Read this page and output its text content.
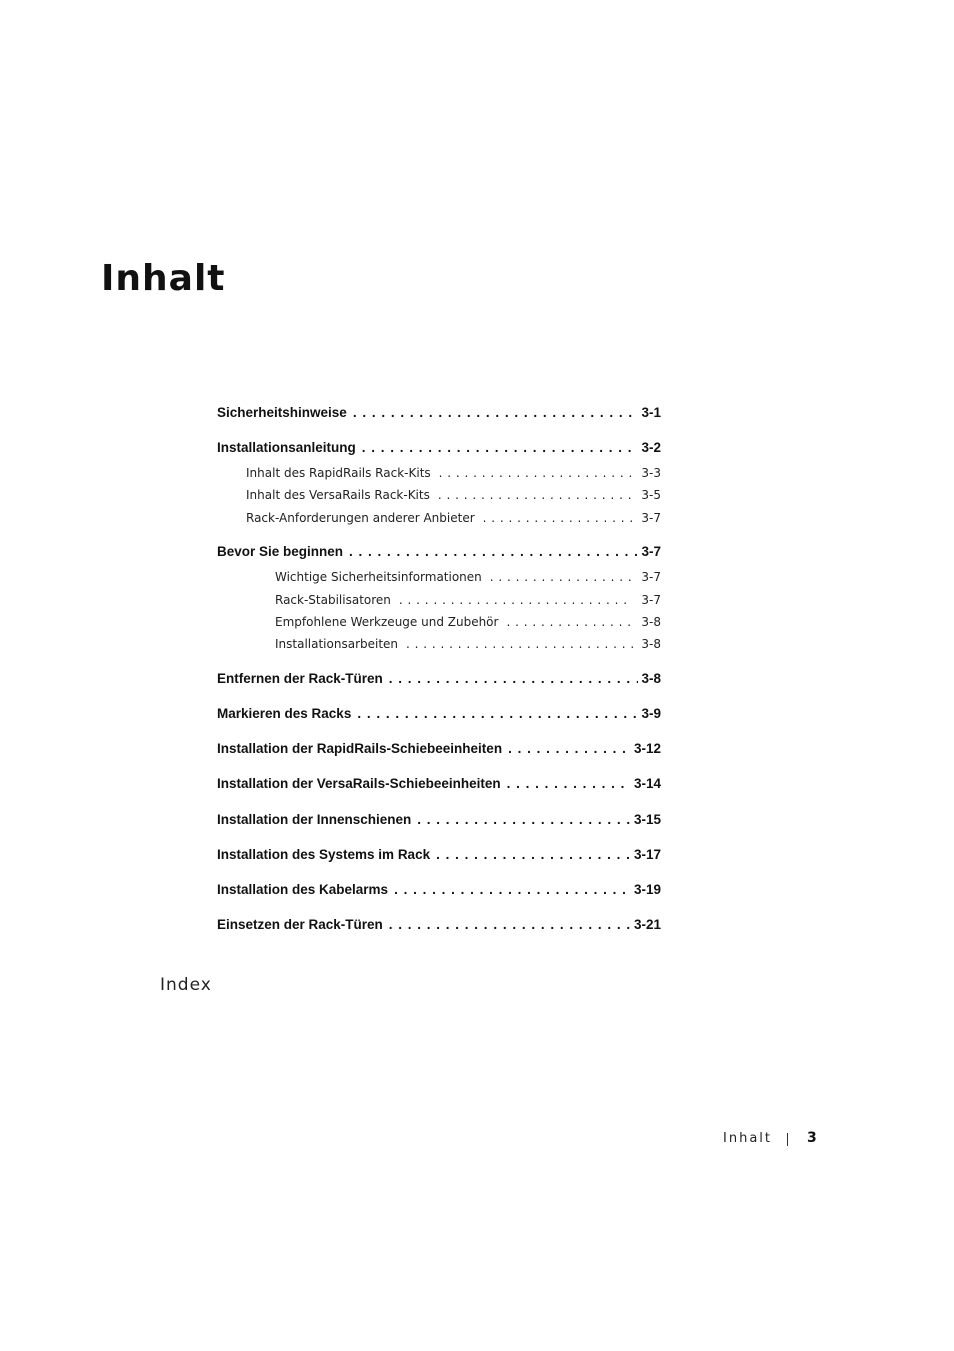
Inhalt
Sicherheitshinweise . . .	3-1
Installationsanleitung . . .	3-2
Inhalt des RapidRails Rack-Kits . . .	3-3
Inhalt des VersaRails Rack-Kits . . .	3-5
Rack-Anforderungen anderer Anbieter . . .	3-7
Bevor Sie beginnen . . .	3-7
Wichtige Sicherheitsinformationen . . .	3-7
Rack-Stabilisatoren . . .	3-7
Empfohlene Werkzeuge und Zubehör . . .	3-8
Installationsarbeiten . . .	3-8
Entfernen der Rack-Türen . . .	3-8
Markieren des Racks . . .	3-9
Installation der RapidRails-Schiebeeinheiten . . .	3-12
Installation der VersaRails-Schiebeeinheiten . . .	3-14
Installation der Innenschienen . . .	3-15
Installation des Systems im Rack . . .	3-17
Installation des Kabelarms . . .	3-19
Einsetzen der Rack-Türen . . .	3-21
Index
Inhalt	3
